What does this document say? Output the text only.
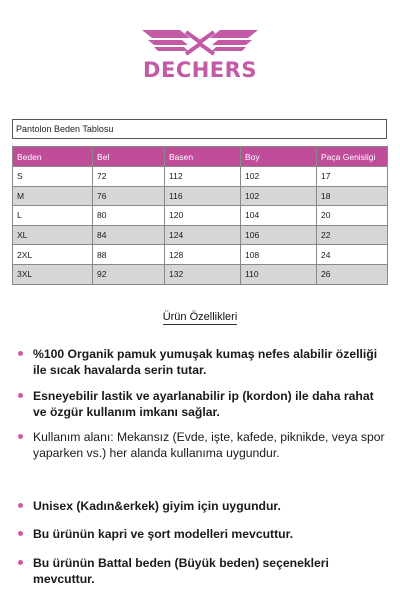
DECHERS
Pantolon Beden Tablosu
Beden	Bel	Basen	Boy	Paça Genisligi
S	72	112	102	17
M	76	116	102	18
L	80	120	104	20
XL	84	124	106	22
2XL	88	128	108	24
3XL	92	132	110	26

Ürün Özellikleri

%100 Organik pamuk yumuşak kumaş nefes alabilir özelliği ile sıcak havalarda serin tutar.
Esneyebilir lastik ve ayarlanabilir ip (kordon) ile daha rahat ve özgür kullanım imkanı sağlar.
Kullanım alanı: Mekansız (Evde, işte, kafede, piknikde, veya spor yaparken vs.) her alanda kullanıma uygundur.
Unisex (Kadın&erkek) giyim için uygundur.
Bu ürünün kapri ve şort modelleri mevcuttur.
Bu ürünün Battal beden (Büyük beden) seçenekleri mevcuttur.
